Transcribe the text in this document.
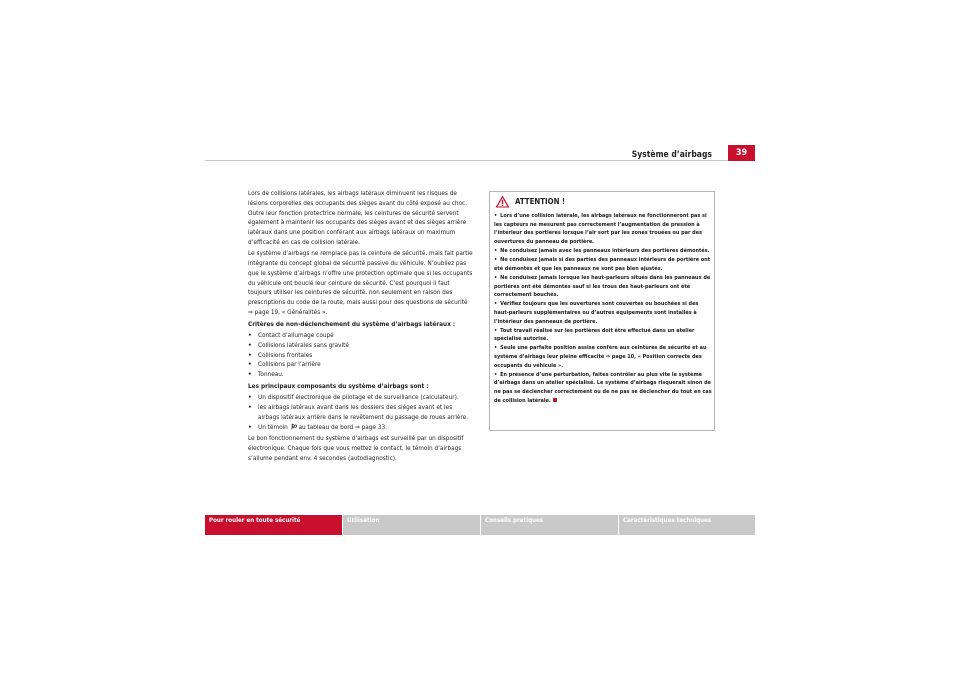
Système d’airbags	39

Lors de collisions latérales, les airbags latéraux diminuent les risques de lésions corporelles des occupants des sièges avant du côté exposé au choc. Outre leur fonction protectrice normale, les ceintures de sécurité servent également à maintenir les occupants des sièges avant et des sièges arrière latéraux dans une position conférant aux airbags latéraux un maximum d’efficacité en cas de collision latérale.

Le système d’airbags ne remplace pas la ceinture de sécurité, mais fait partie intégrante du concept global de sécurité passive du véhicule. N’oubliez pas que le système d’airbags n’offre une protection optimale que si les occupants du véhicule ont bouclé leur ceinture de sécurité. C’est pourquoi il faut toujours utiliser les ceintures de sécurité, non seulement en raison des prescriptions du code de la route, mais aussi pour des questions de sécurité
⇒ page 19, « Généralités ».

Critères de non-déclenchement du système d’airbags latéraux :

• Contact d’allumage coupé
• Collisions latérales sans gravité
• Collisions frontales
• Collisions par l’arrière
• Tonneau.

Les principaux composants du système d’airbags sont :

• Un dispositif électronique de pilotage et de surveillance (calculateur).
• les airbags latéraux avant dans les dossiers des sièges avant et les airbags latéraux arrière dans le revêtement du passage de roues arrière.
• Un témoin au tableau de bord ⇒ page 33.

Le bon fonctionnement du système d’airbags est surveillé par un dispositif électronique. Chaque fois que vous mettez le contact, le témoin d’airbags s’allume pendant env. 4 secondes (autodiagnostic).

ATTENTION !
• Lors d’une collision latérale, les airbags latéraux ne fonctionneront pas si les capteurs ne mesurent pas correctement l’augmentation de pression à l’intérieur des portières lorsque l’air sort par les zones trouées ou par des ouvertures du panneau de portière.
• Ne conduisez jamais avec les panneaux intérieurs des portières démontés.
• Ne conduisez jamais si des parties des panneaux intérieurs de portière ont été démontés et que les panneaux ne sont pas bien ajustés.
• Ne conduisez jamais lorsque les haut-parleurs situés dans les panneaux de portières ont été démontés sauf si les trous des haut-parleurs ont été correctement bouchés.
• Vérifiez toujours que les ouvertures sont couvertes ou bouchées si des haut-parleurs supplémentaires ou d’autres équipements sont installés à l’intérieur des panneaux de portière.
• Tout travail réalisé sur les portières doit être effectué dans un atelier spécialisé autorisé.
• Seule une parfaite position assise confère aux ceintures de sécurité et au système d’airbags leur pleine efficacité ⇒ page 10, « Position correcte des occupants du véhicule ».
• En présence d’une perturbation, faites contrôler au plus vite le système d’airbags dans un atelier spécialisé. Le système d’airbags risquerait sinon de ne pas se déclencher correctement ou de ne pas se déclencher du tout en cas de collision latérale.
Pour rouler en toute sécurité	Utilisation	Conseils pratiques	Caractéristiques techniques
